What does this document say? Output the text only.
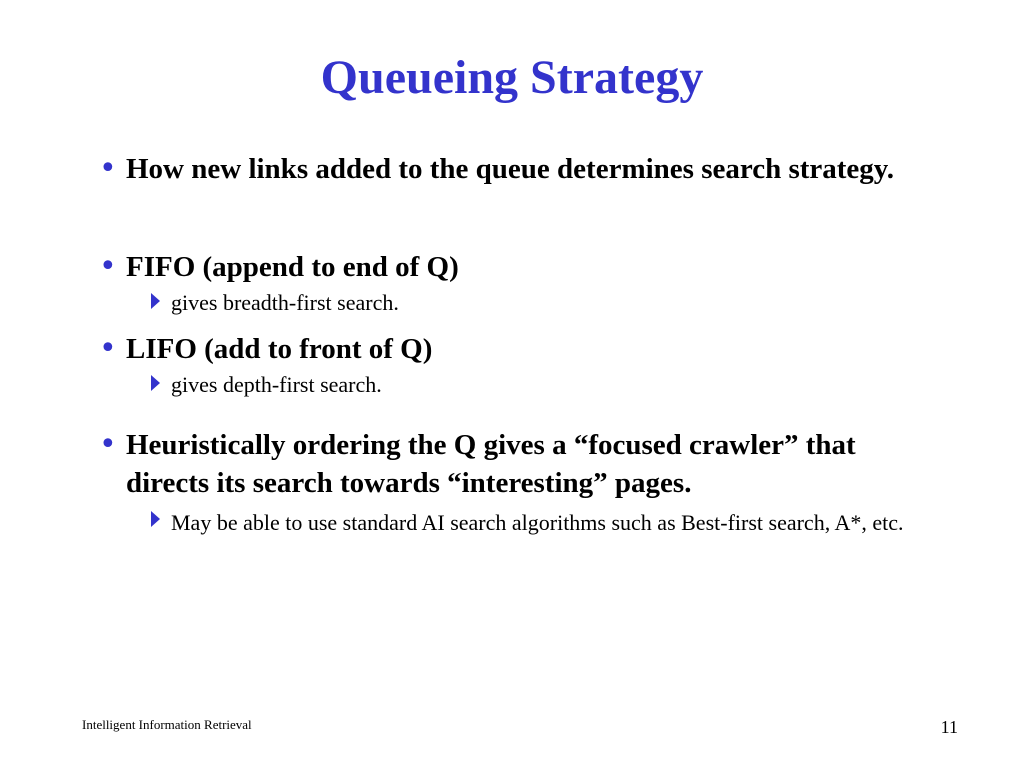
Queueing Strategy
• How new links added to the queue determines search strategy.
• FIFO (append to end of Q)
gives breadth-first search.
• LIFO (add to front of Q)
gives depth-first search.
• Heuristically ordering the Q gives a “focused crawler” that directs its search towards “interesting” pages.
May be able to use standard AI search algorithms such as Best-first search, A*, etc.
Intelligent Information Retrieval	11
